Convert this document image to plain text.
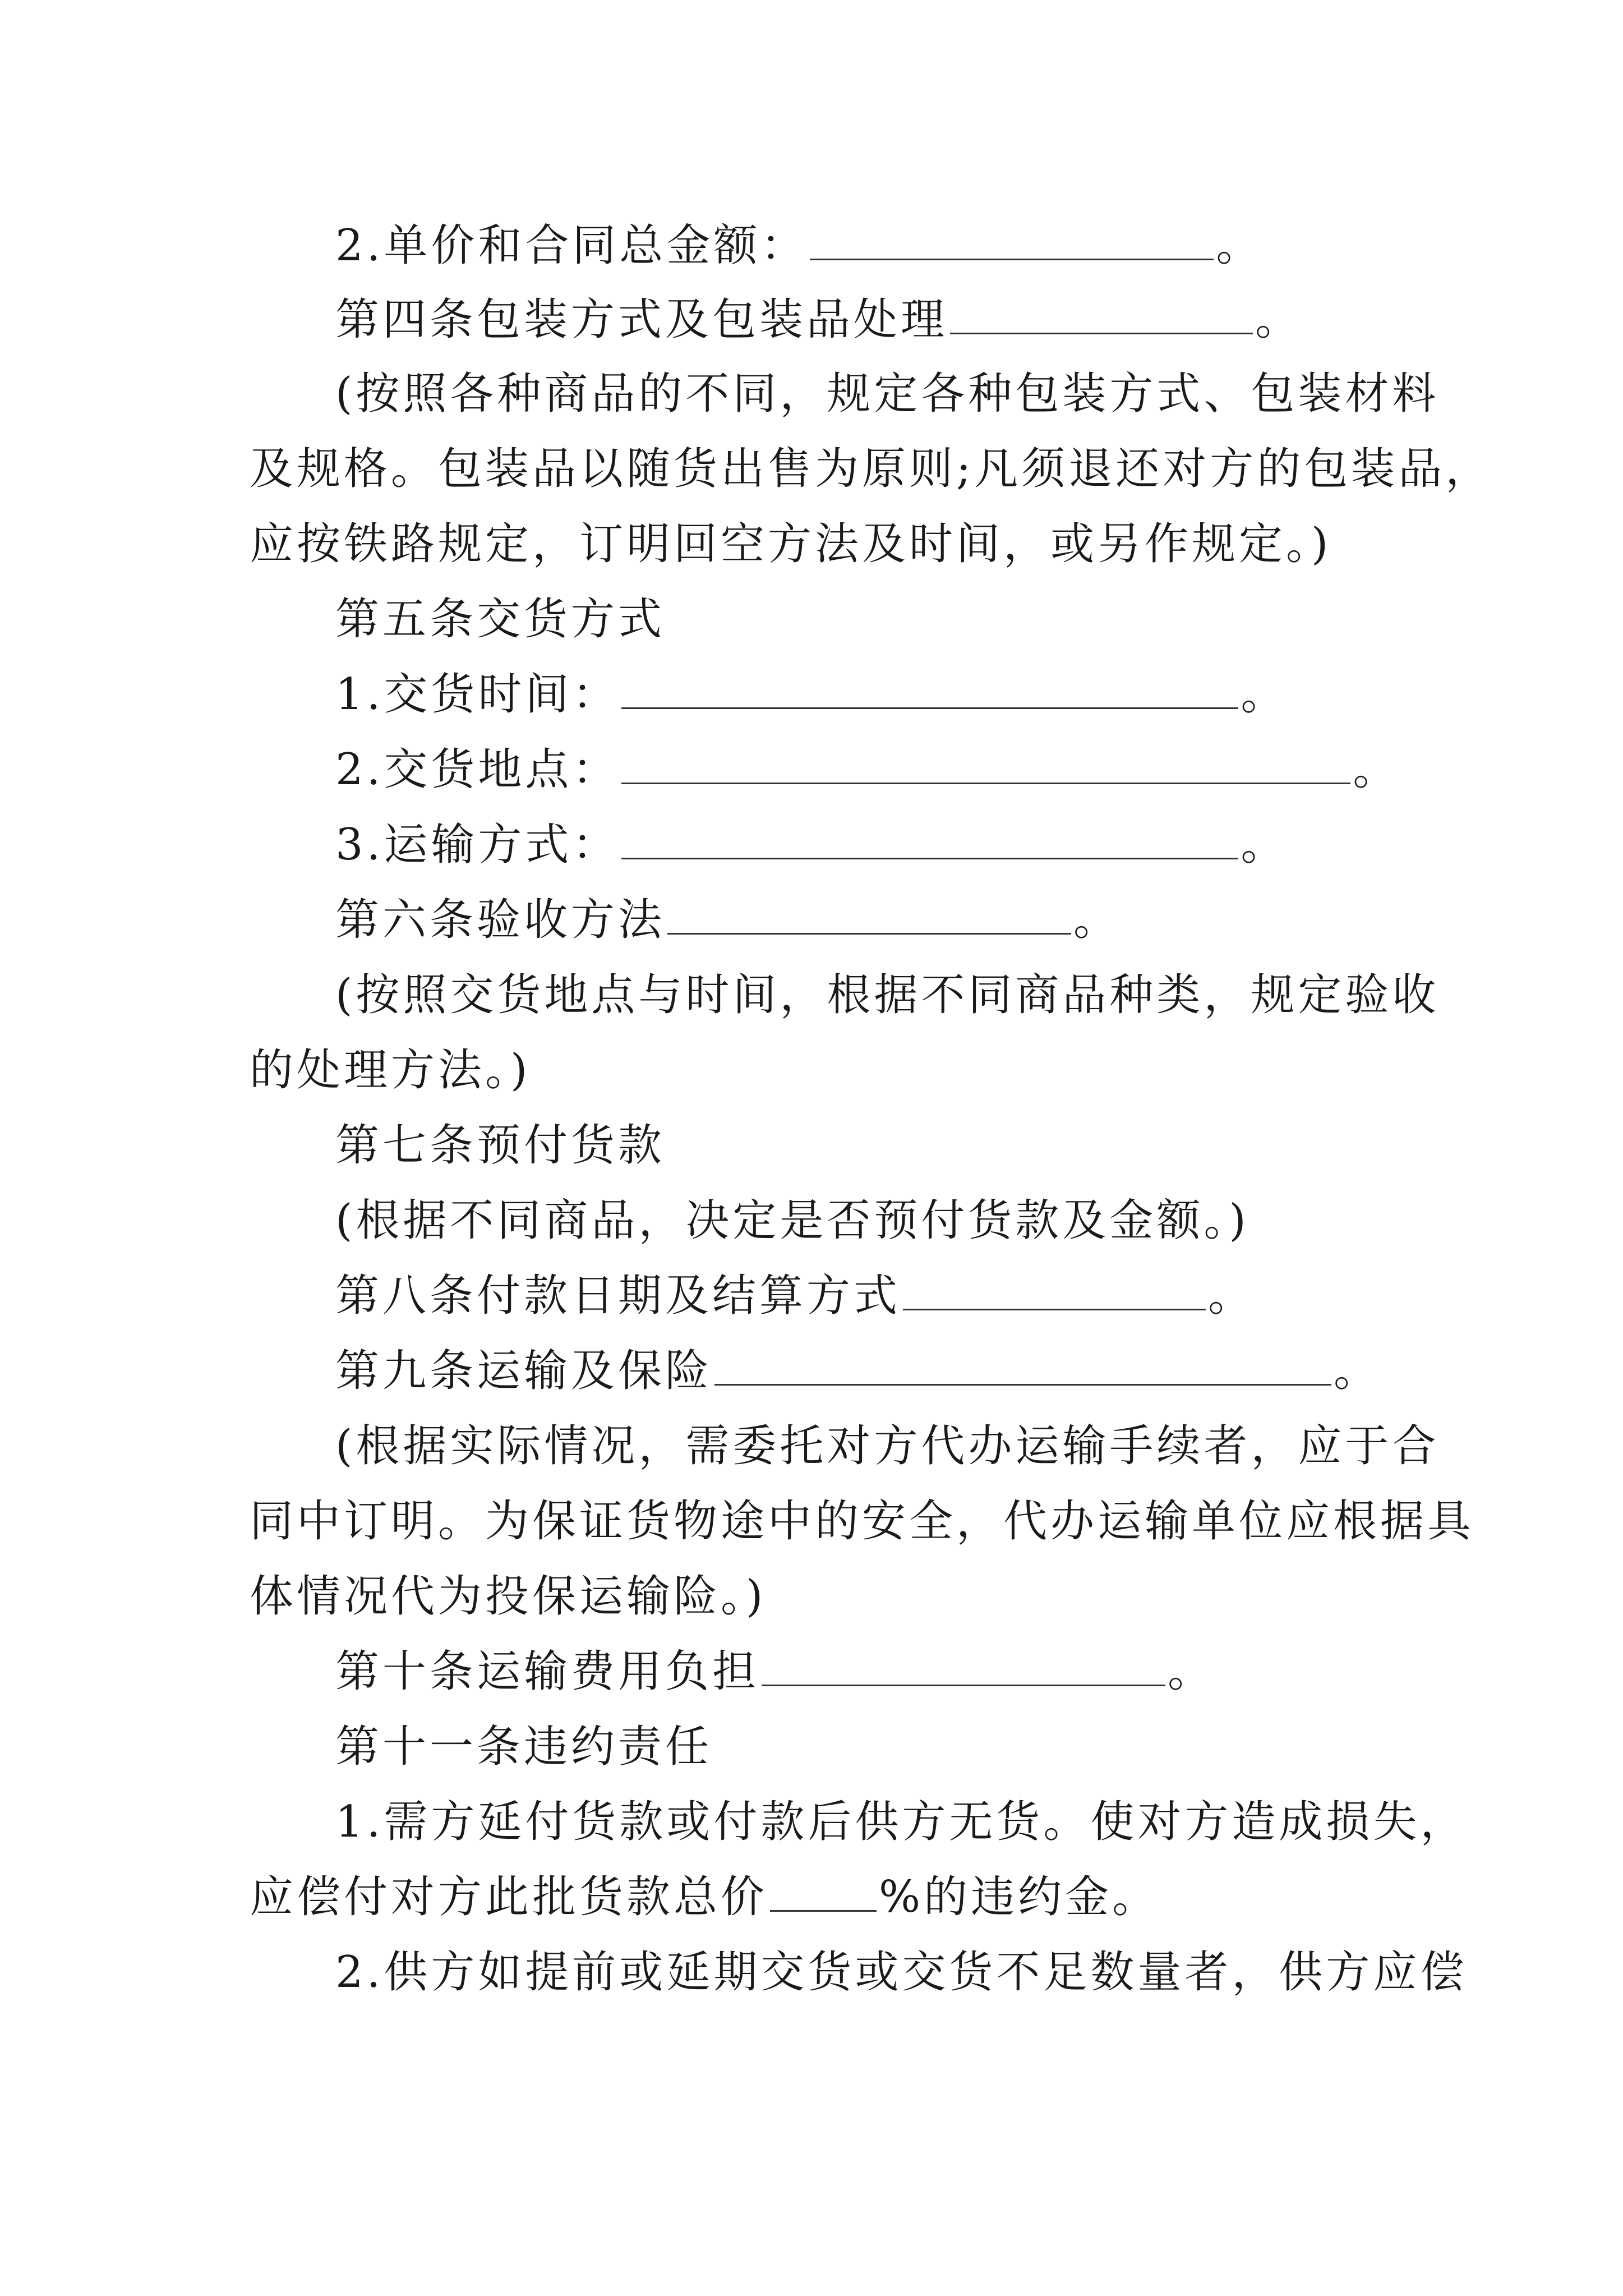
2.单价和合同总金额：	。
第四条包装方式及包装品处理	。
(按照各种商品的不同，规定各种包装方式、包装材料
及规格。包装品以随货出售为原则;凡须退还对方的包装品，
应按铁路规定，订明回空方法及时间，或另作规定。)
第五条交货方式
1.交货时间：	。
2.交货地点：	。
3.运输方式：	。
第六条验收方法	。
(按照交货地点与时间，根据不同商品种类，规定验收
的处理方法。)
第七条预付货款
(根据不同商品，决定是否预付货款及金额。)
第八条付款日期及结算方式	。
第九条运输及保险	。
(根据实际情况，需委托对方代办运输手续者，应于合
同中订明。为保证货物途中的安全，代办运输单位应根据具
体情况代为投保运输险。)
第十条运输费用负担	。
第十一条违约责任
1.需方延付货款或付款后供方无货。使对方造成损失，
应偿付对方此批货款总价	%的违约金。
2.供方如提前或延期交货或交货不足数量者，供方应偿
